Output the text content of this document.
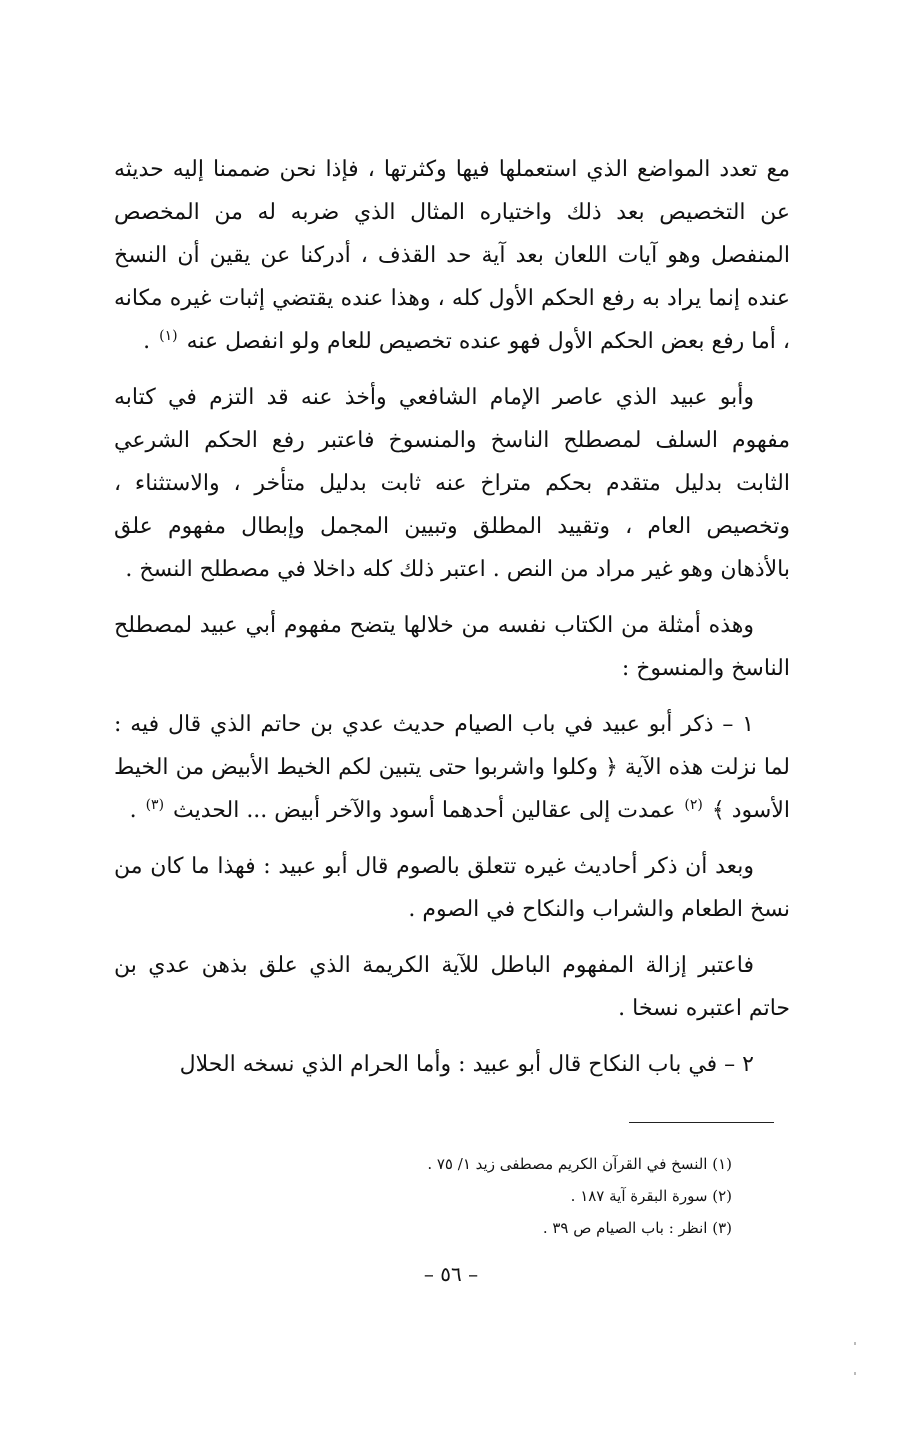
مع تعدد المواضع الذي استعملها فيها وكثرتها ، فإذا نحن ضممنا إليه حديثه عن التخصيص بعد ذلك واختياره المثال الذي ضربه له من المخصص المنفصل وهو آيات اللعان بعد آية حد القذف ، أدركنا عن يقين أن النسخ عنده إنما يراد به رفع الحكم الأول كله ، وهذا عنده يقتضي إثبات غيره مكانه ، أما رفع بعض الحكم الأول فهو عنده تخصيص للعام ولو انفصل عنه $^{(١)}$ .

وأبو عبيد الذي عاصر الإمام الشافعي وأخذ عنه قد التزم في كتابه مفهوم السلف لمصطلح الناسخ والمنسوخ فاعتبر رفع الحكم الشرعي الثابت بدليل متقدم بحكم متراخ عنه ثابت بدليل متأخر ، والاستثناء ، وتخصيص العام ، وتقييد المطلق وتبيين المجمل وإبطال مفهوم علق بالأذهان وهو غير مراد من النص . اعتبر ذلك كله داخلا في مصطلح النسخ .

وهذه أمثلة من الكتاب نفسه من خلالها يتضح مفهوم أبي عبيد لمصطلح الناسخ والمنسوخ :

١ – ذكر أبو عبيد في باب الصيام حديث عدي بن حاتم الذي قال فيه : لما نزلت هذه الآية ﴿ وكلوا واشربوا حتى يتبين لكم الخيط الأبيض من الخيط الأسود ﴾ $^{(٢)}$ عمدت إلى عقالين أحدهما أسود والآخر أبيض ... الحديث $^{(٣)}$ .

وبعد أن ذكر أحاديث غيره تتعلق بالصوم قال أبو عبيد : فهذا ما كان من نسخ الطعام والشراب والنكاح في الصوم .

فاعتبر إزالة المفهوم الباطل للآية الكريمة الذي علق بذهن عدي بن حاتم اعتبره نسخا .

٢ – في باب النكاح قال أبو عبيد : وأما الحرام الذي نسخه الحلال

(١) النسخ في القرآن الكريم مصطفى زيد ١/ ٧٥ .

(٢) سورة البقرة آية ١٨٧ .

(٣) انظر : باب الصيام ص ٣٩ .

– ٥٦ –
